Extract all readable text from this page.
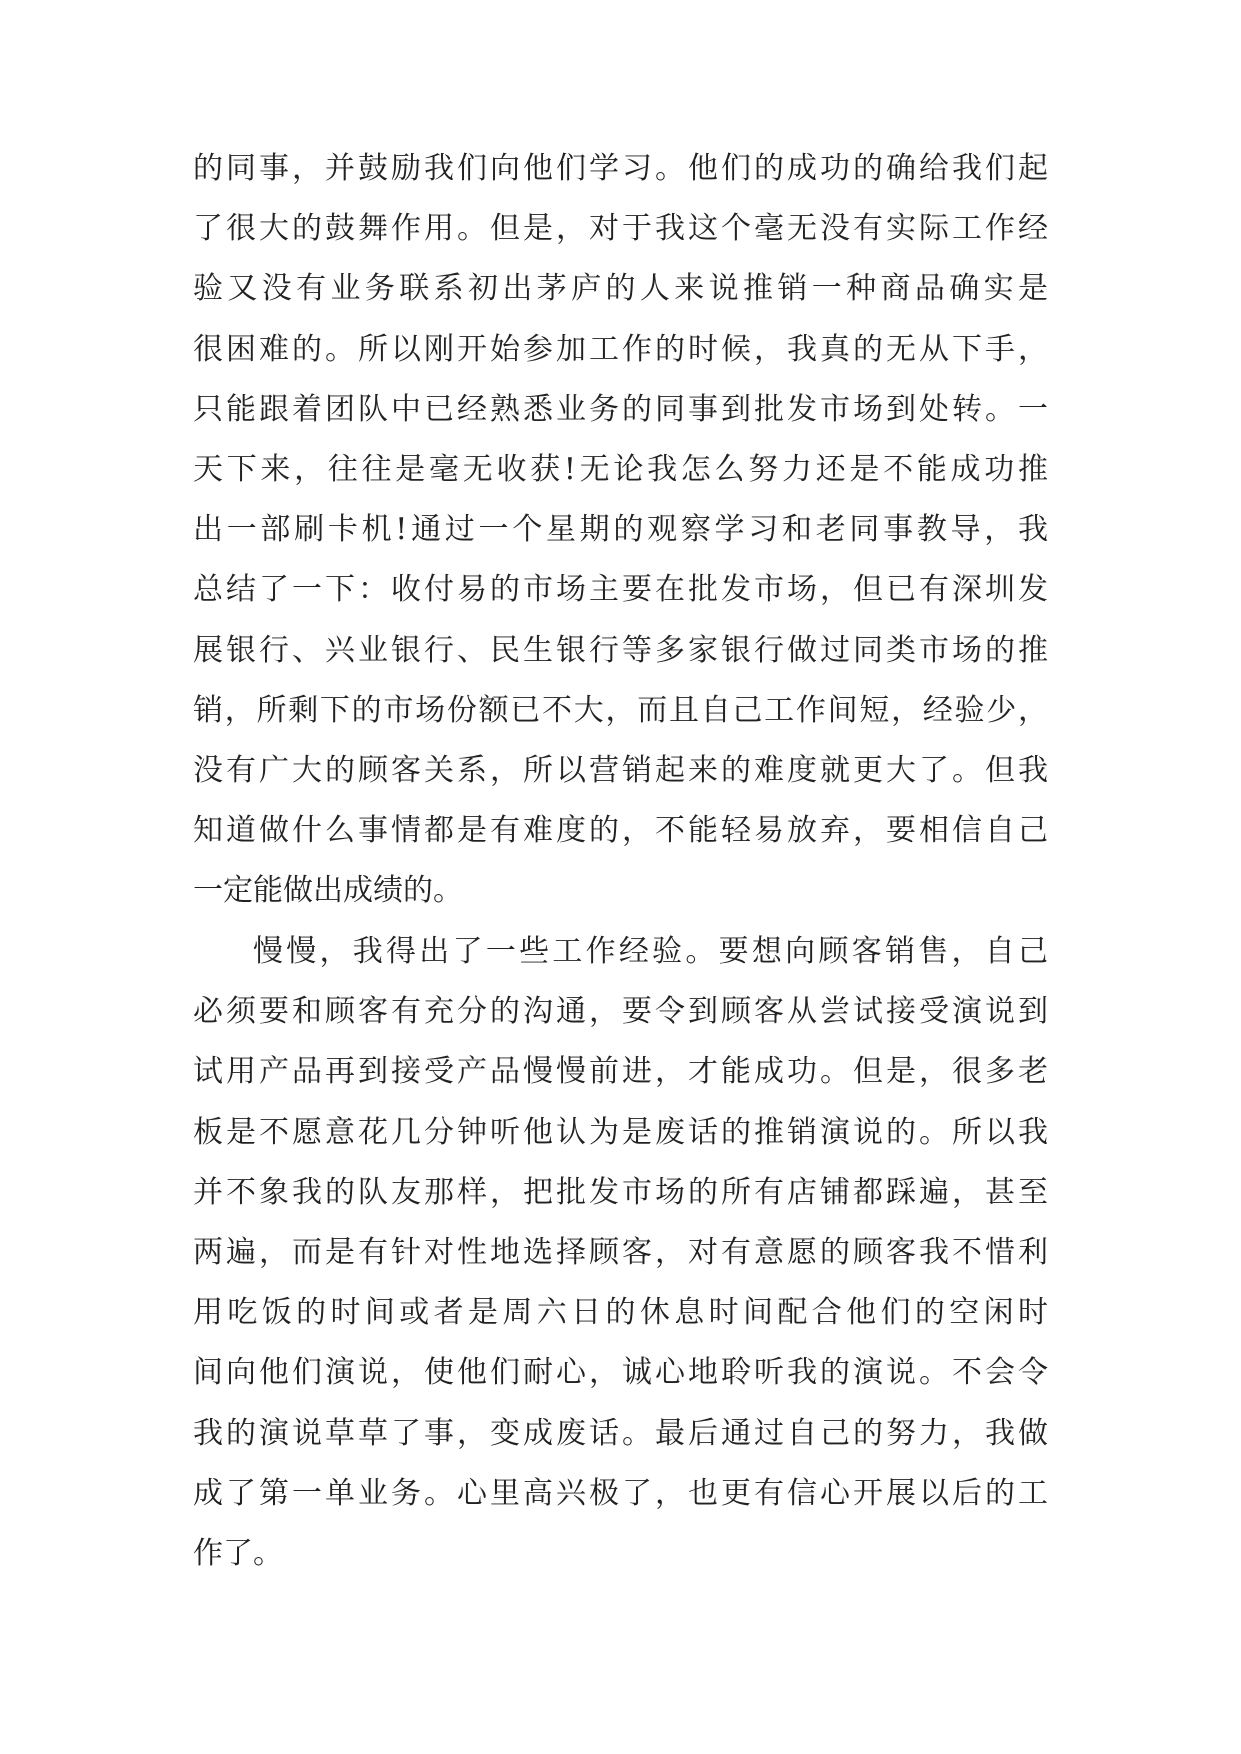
的同事，并鼓励我们向他们学习。他们的成功的确给我们起
了很大的鼓舞作用。但是，对于我这个毫无没有实际工作经
验又没有业务联系初出茅庐的人来说推销一种商品确实是
很困难的。所以刚开始参加工作的时候，我真的无从下手，
只能跟着团队中已经熟悉业务的同事到批发市场到处转。一
天下来，往往是毫无收获!无论我怎么努力还是不能成功推
出一部刷卡机!通过一个星期的观察学习和老同事教导，我
总结了一下：收付易的市场主要在批发市场，但已有深圳发
展银行、兴业银行、民生银行等多家银行做过同类市场的推
销，所剩下的市场份额已不大，而且自己工作间短，经验少，
没有广大的顾客关系，所以营销起来的难度就更大了。但我
知道做什么事情都是有难度的，不能轻易放弃，要相信自己
一定能做出成绩的。
慢慢，我得出了一些工作经验。要想向顾客销售，自己
必须要和顾客有充分的沟通，要令到顾客从尝试接受演说到
试用产品再到接受产品慢慢前进，才能成功。但是，很多老
板是不愿意花几分钟听他认为是废话的推销演说的。所以我
并不象我的队友那样，把批发市场的所有店铺都踩遍，甚至
两遍，而是有针对性地选择顾客，对有意愿的顾客我不惜利
用吃饭的时间或者是周六日的休息时间配合他们的空闲时
间向他们演说，使他们耐心，诚心地聆听我的演说。不会令
我的演说草草了事，变成废话。最后通过自己的努力，我做
成了第一单业务。心里高兴极了，也更有信心开展以后的工
作了。
